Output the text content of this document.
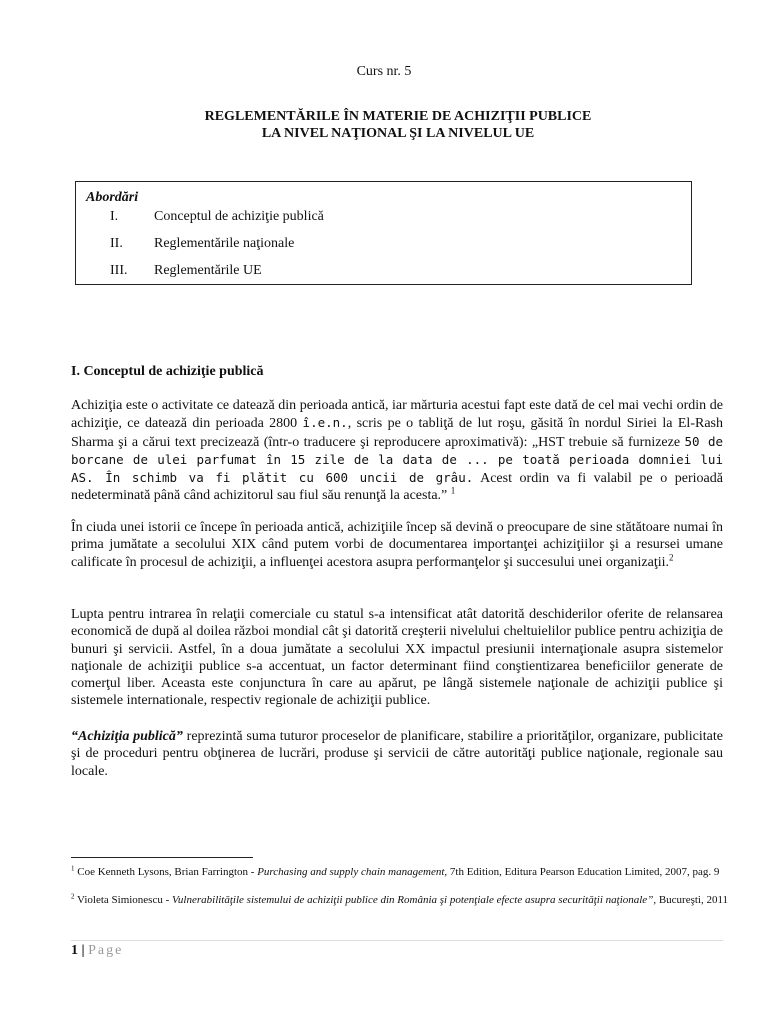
Curs nr. 5
REGLEMENTĂRILE ÎN MATERIE DE ACHIZIŢII PUBLICE
LA NIVEL NAŢIONAL ŞI LA NIVELUL UE
Abordări
I.	Conceptul de achiziţie publică
II. Reglementările naţionale
III. Reglementările UE
I. Conceptul de achiziţie publică
Achiziţia este o activitate ce datează din perioada antică, iar mărturia acestui fapt este dată de cel mai vechi ordin de achiziţie, ce datează din perioada 2800 î.e.n., scris pe o tabliţă de lut roşu, găsită în nordul Siriei la El-Rash Sharma şi a cărui text precizează (într-o traducere şi reproducere aproximativă): „HST trebuie să furnizeze 50 de borcane de ulei parfumat în 15 zile de la data de ... pe toată perioada domniei lui AS. În schimb va fi plătit cu 600 uncii de grâu. Acest ordin va fi valabil pe o perioadă nedeterminată până când achizitorul sau fiul său renunţă la acesta.” $^1$
În ciuda unei istorii ce începe în perioada antică, achiziţiile încep să devină o preocupare de sine stătătoare numai în prima jumătate a secolului XIX când putem vorbi de documentarea importanţei achiziţiilor şi a resursei umane calificate în procesul de achiziţii, a influenţei acestora asupra performanţelor şi succesului unei organizaţii.$^2$
Lupta pentru intrarea în relaţii comerciale cu statul s-a intensificat atât datorită deschiderilor oferite de relansarea economică de după al doilea război mondial cât şi datorită creşterii nivelului cheltuielilor publice pentru achiziţia de bunuri şi servicii. Astfel, în a doua jumătate a secolului XX impactul presiunii internaţionale asupra sistemelor naţionale de achiziţii publice s-a accentuat, un factor determinant fiind conştientizarea beneficiilor generate de comerţul liber. Aceasta este conjunctura în care au apărut, pe lângă sistemele naţionale de achiziţii publice şi sistemele internationale, respectiv regionale de achiziţii publice.
“Achiziţia publică” reprezintă suma tuturor proceselor de planificare, stabilire a priorităţilor, organizare, publicitate şi de proceduri pentru obţinerea de lucrări, produse şi servicii de către autorităţi publice naţionale, regionale sau locale.
$^1$ Coe Kenneth Lysons, Brian Farrington - Purchasing and supply chain management, 7th Edition, Editura Pearson Education Limited, 2007, pag. 9
$^2$ Violeta Simionescu - Vulnerabilităţile sistemului de achiziţii publice din România şi potenţiale efecte asupra securităţii naţionale”, Bucureşti, 2011
1 | Page
